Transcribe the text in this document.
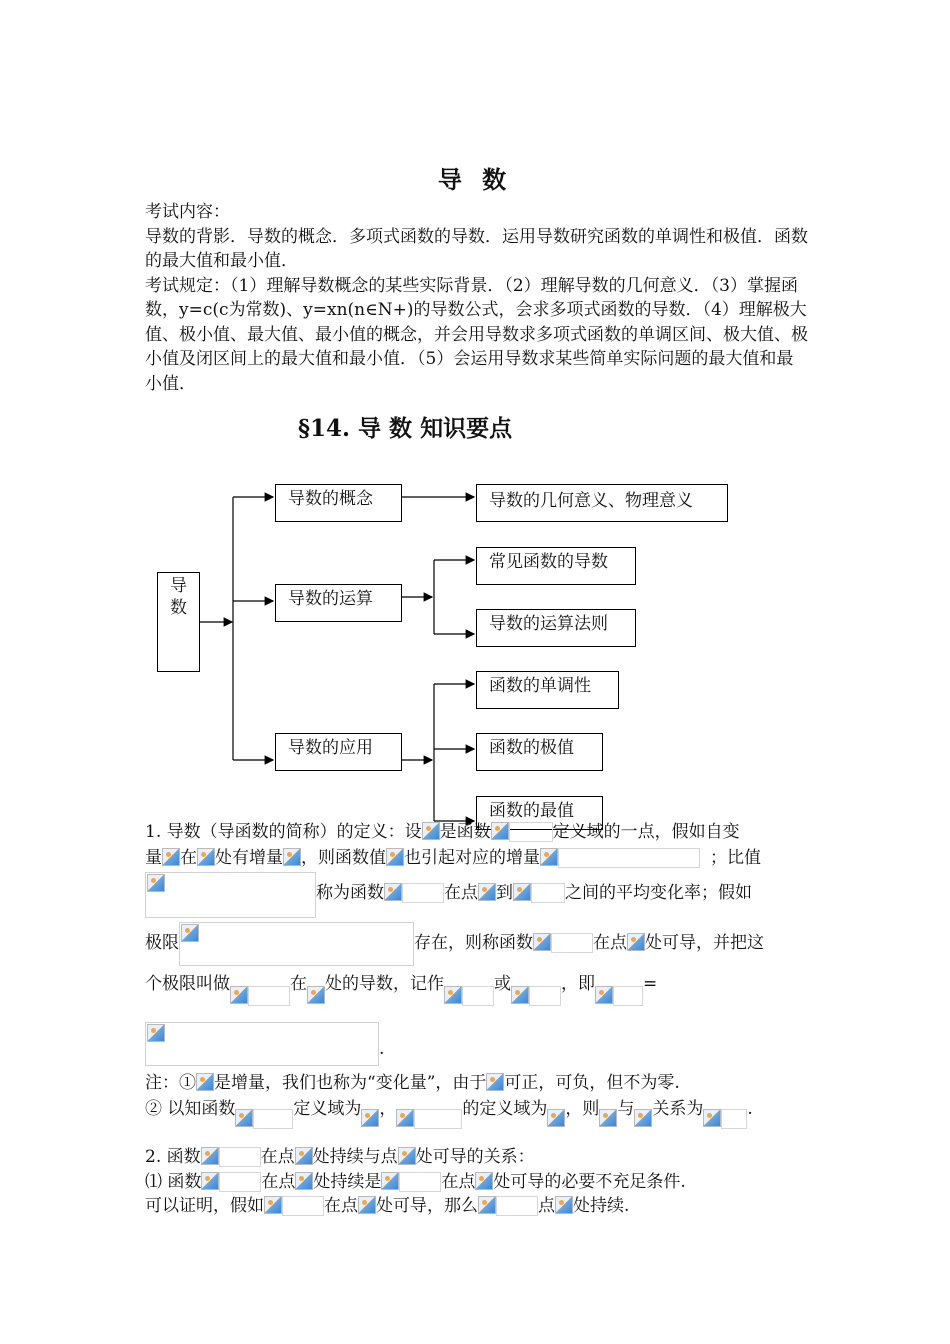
导 数
考试内容：
导数的背影．导数的概念．多项式函数的导数．运用导数研究函数的单调性和极值．函数的最大值和最小值．
考试规定：（1）理解导数概念的某些实际背景．（2）理解导数的几何意义．（3）掌握函数，y=c(c为常数)、y=xn(n∈N+)的导数公式，会求多项式函数的导数．（4）理解极大值、极小值、最大值、最小值的概念，并会用导数求多项式函数的单调区间、极大值、极小值及闭区间上的最大值和最小值．（5）会运用导数求某些简单实际问题的最大值和最小值．
§14. 导 数 知识要点
导
数
导数的概念
导数的运算
导数的应用
导数的几何意义、物理意义
常见函数的导数
导数的运算法则
函数的单调性
函数的极值
函数的最值
1. 导数（导函数的简称）的定义：设 是函数	定义域的一点，假如自变
量 在 处有增量 ，则函数值 也引起对应的增量	；比值
称为函数	在点 到	之间的平均变化率；假如
极限	存在，则称函数	在点 处可导，并把这
个极限叫做	在 处的导数，记作	或	，即	=
.
注：① 是增量，我们也称为“变化量”，由于 可正，可负，但不为零.
② 以知函数	定义域为 ，	的定义域为 ，则 与 关系为	.
2. 函数	在点 处持续与点 处可导的关系：
⑴ 函数	在点 处持续是	在点 处可导的必要不充足条件.
可以证明，假如	在点 处可导，那么	点 处持续.
